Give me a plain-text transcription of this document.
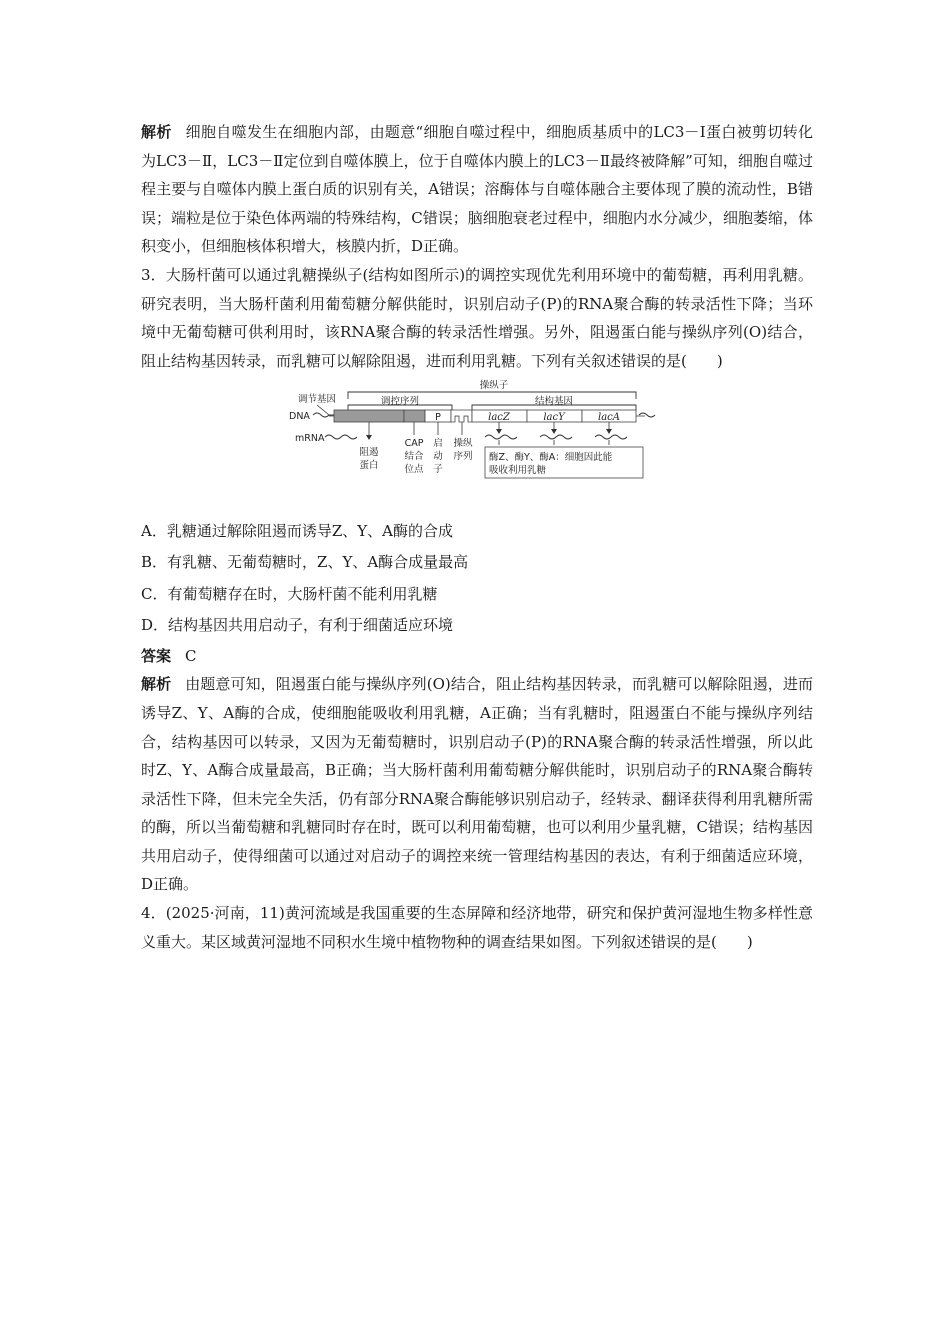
解析 细胞自噬发生在细胞内部，由题意“细胞自噬过程中，细胞质基质中的LC3－Ⅰ蛋白被剪切转化为LC3－Ⅱ，LC3－Ⅱ定位到自噬体膜上，位于自噬体内膜上的LC3－Ⅱ最终被降解”可知，细胞自噬过程主要与自噬体内膜上蛋白质的识别有关，A错误；溶酶体与自噬体融合主要体现了膜的流动性，B错误；端粒是位于染色体两端的特殊结构，C错误；脑细胞衰老过程中，细胞内水分减少，细胞萎缩，体积变小，但细胞核体积增大，核膜内折，D正确。

3．大肠杆菌可以通过乳糖操纵子(结构如图所示)的调控实现优先利用环境中的葡萄糖，再利用乳糖。研究表明，当大肠杆菌利用葡萄糖分解供能时，识别启动子(P)的RNA聚合酶的转录活性下降；当环境中无葡萄糖可供利用时，该RNA聚合酶的转录活性增强。另外，阻遏蛋白能与操纵序列(O)结合，阻止结构基因转录，而乳糖可以解除阻遏，进而利用乳糖。下列有关叙述错误的是(　　)

操纵子
调控序列	结构基因
调节基因
DNA	P	lacZ	lacY	lacA
mRNA
阻遏
蛋白
CAP
结合
位点
启
动
子
操纵
序列 酶Z、酶Y、酶A：细胞因此能
吸收利用乳糖

A．乳糖通过解除阻遏而诱导Z、Y、A酶的合成

B．有乳糖、无葡萄糖时，Z、Y、A酶合成量最高

C．有葡萄糖存在时，大肠杆菌不能利用乳糖

D．结构基因共用启动子，有利于细菌适应环境

答案 C

解析 由题意可知，阻遏蛋白能与操纵序列(O)结合，阻止结构基因转录，而乳糖可以解除阻遏，进而诱导Z、Y、A酶的合成，使细胞能吸收利用乳糖，A正确；当有乳糖时，阻遏蛋白不能与操纵序列结合，结构基因可以转录，又因为无葡萄糖时，识别启动子(P)的RNA聚合酶的转录活性增强，所以此时Z、Y、A酶合成量最高，B正确；当大肠杆菌利用葡萄糖分解供能时，识别启动子的RNA聚合酶转录活性下降，但未完全失活，仍有部分RNA聚合酶能够识别启动子，经转录、翻译获得利用乳糖所需的酶，所以当葡萄糖和乳糖同时存在时，既可以利用葡萄糖，也可以利用少量乳糖，C错误；结构基因共用启动子，使得细菌可以通过对启动子的调控来统一管理结构基因的表达，有利于细菌适应环境，D正确。

4．(2025·河南，11)黄河流域是我国重要的生态屏障和经济地带，研究和保护黄河湿地生物多样性意义重大。某区域黄河湿地不同积水生境中植物物种的调查结果如图。下列叙述错误的是(　　)
